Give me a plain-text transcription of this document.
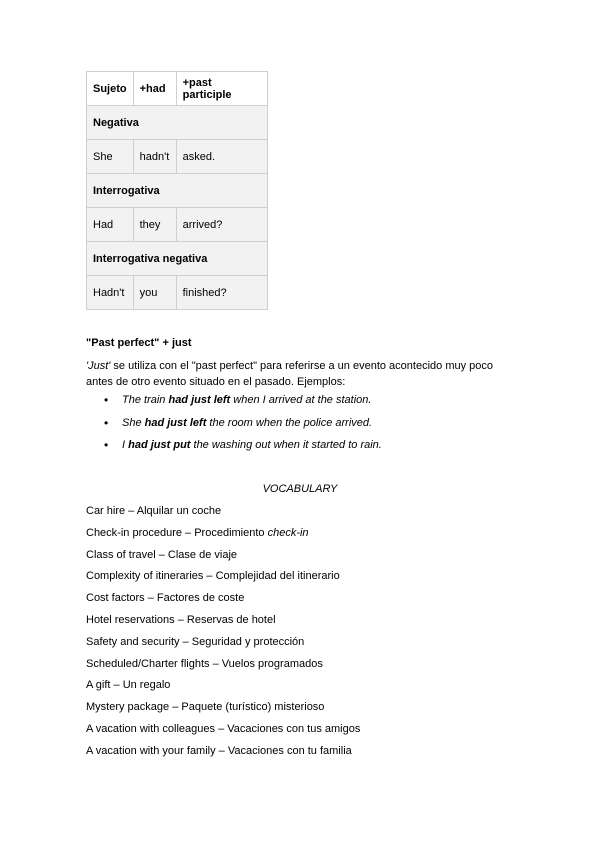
Sujeto	+had	+past participle
Negativa		
She	hadn't	asked.
Interrogativa		
Had	they	arrived?
Interrogativa negativa		
Hadn't	you	finished?
"Past perfect" + just
'Just' se utiliza con el "past perfect" para referirse a un evento acontecido muy poco antes de otro evento situado en el pasado. Ejemplos:
• The train had just left when I arrived at the station.
• She had just left the room when the police arrived.
• I had just put the washing out when it started to rain.
VOCABULARY
Car hire – Alquilar un coche
Check-in procedure – Procedimiento check-in
Class of travel – Clase de viaje
Complexity of itineraries – Complejidad del itinerario
Cost factors – Factores de coste
Hotel reservations – Reservas de hotel
Safety and security – Seguridad y protección
Scheduled/Charter flights – Vuelos programados
A gift – Un regalo
Mystery package – Paquete (turístico) misterioso
A vacation with colleagues – Vacaciones con tus amigos
A vacation with your family – Vacaciones con tu familia
